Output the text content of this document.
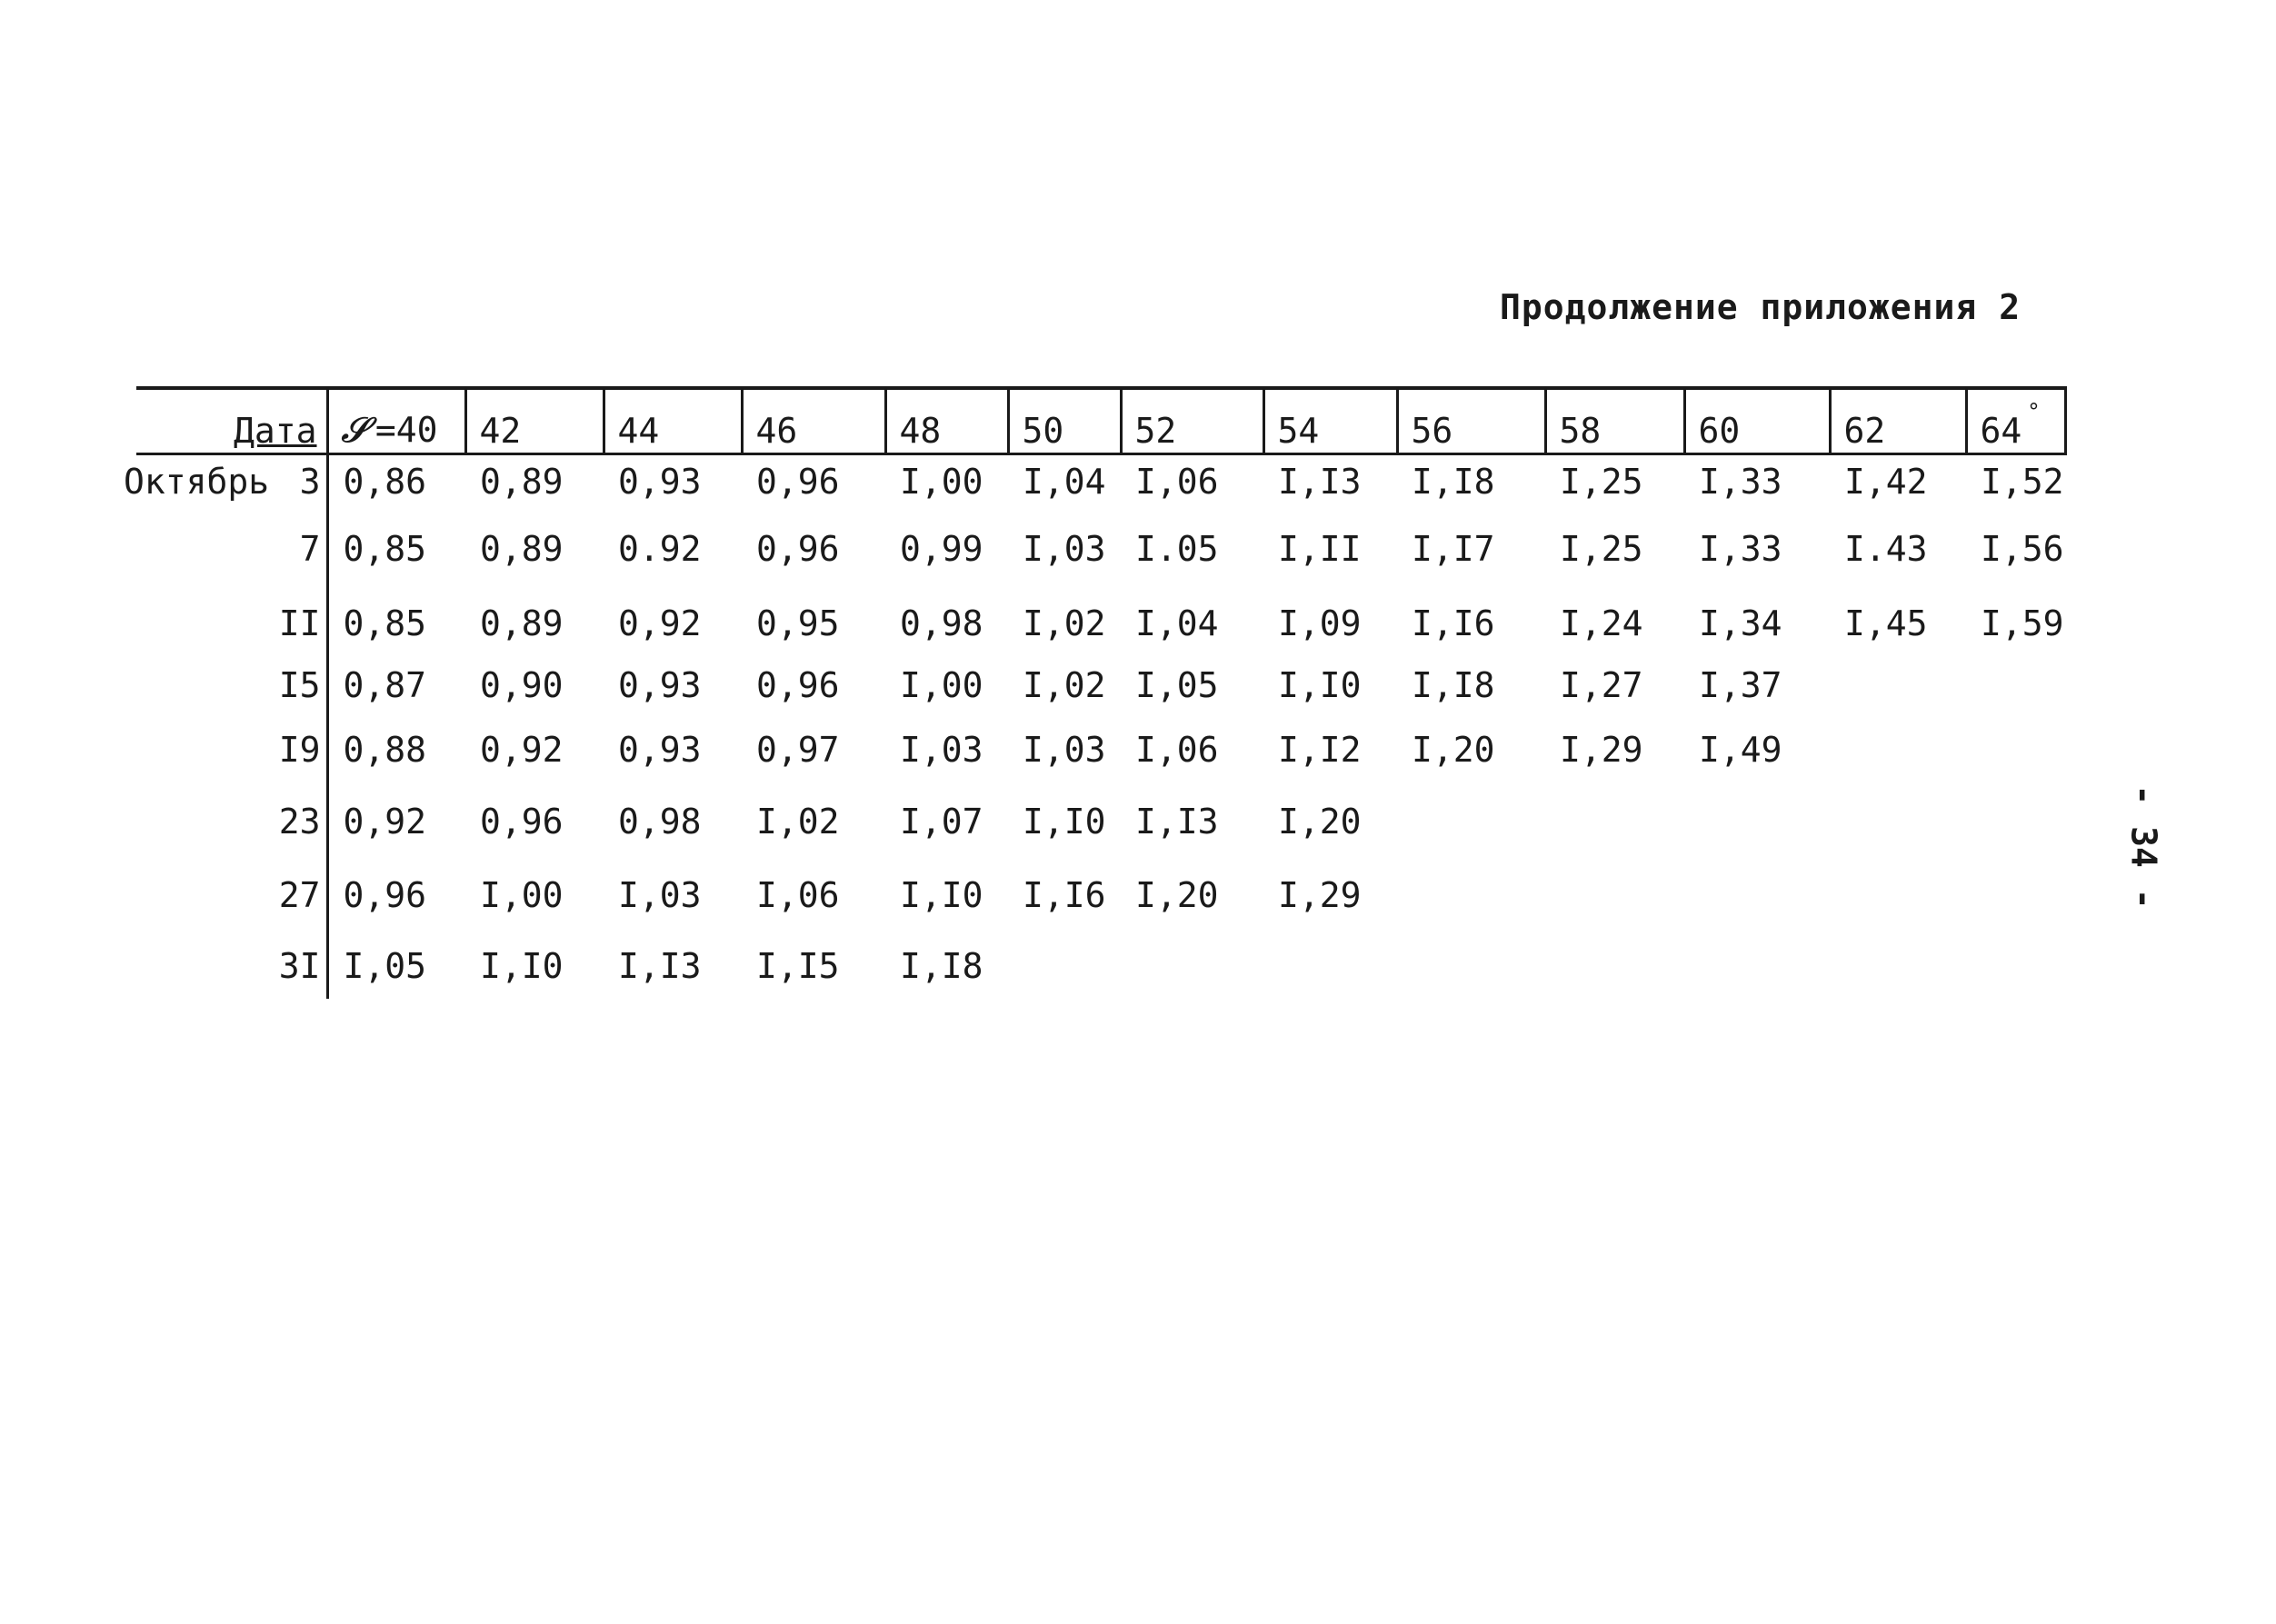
Продолжение приложения 2
- 34 -
Дата	𝒮 =40	42	44	46	48	50	52	54	56	58	60	62	64 °

Октябрь 3	0,86	0,89	0,93	0,96	I,00	I,04	I,06	I,I3	I,I8	I,25	I,33	I,42	I,52
7	0,85	0,89	0.92	0,96	0,99	I,03	I.05	I,II	I,I7	I,25	I,33	I.43	I,56
II	0,85	0,89	0,92	0,95	0,98	I,02	I,04	I,09	I,I6	I,24	I,34	I,45	I,59
I5	0,87	0,90	0,93	0,96	I,00	I,02	I,05	I,I0	I,I8	I,27	I,37		
I9	0,88	0,92	0,93	0,97	I,03	I,03	I,06	I,I2	I,20	I,29	I,49		
23	0,92	0,96	0,98	I,02	I,07	I,I0	I,I3	I,20					
27	0,96	I,00	I,03	I,06	I,I0	I,I6	I,20	I,29					
3I	I,05	I,I0	I,I3	I,I5	I,I8								
